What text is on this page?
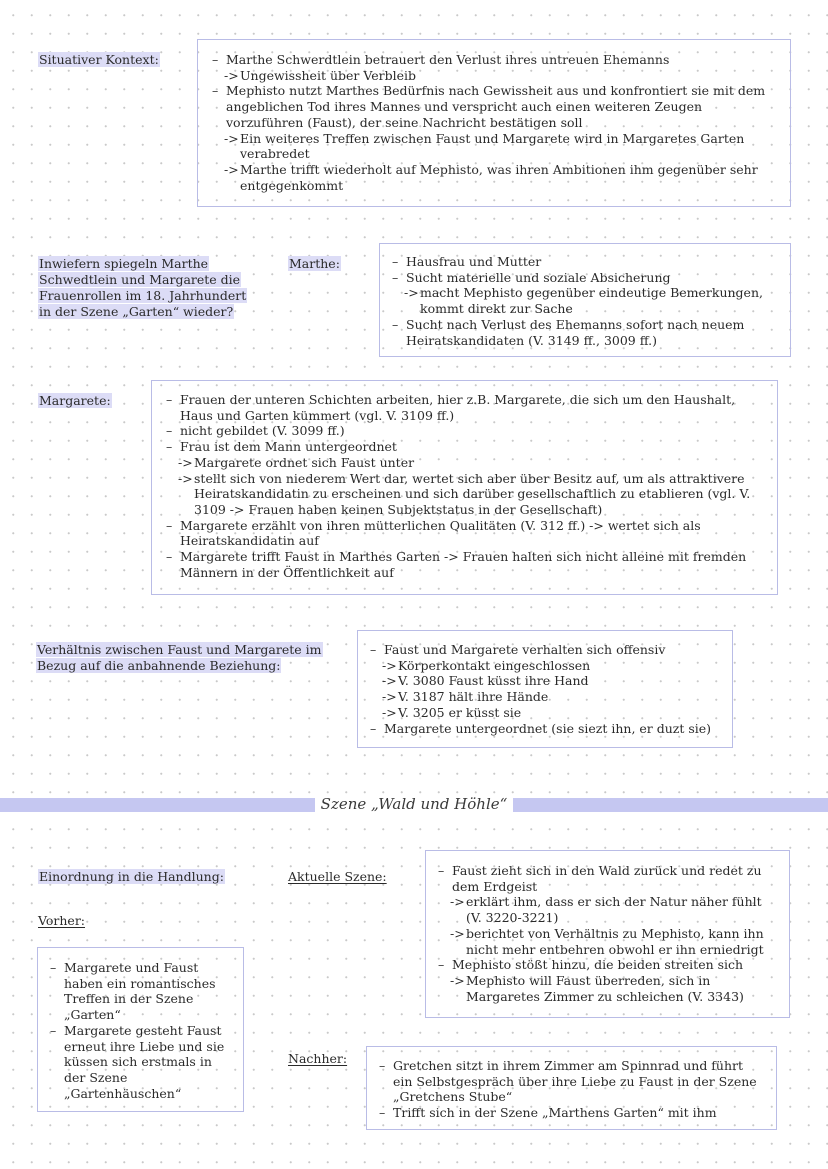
Situativer Kontext:	– Marthe Schwerdtlein betrauert den Verlust ihres untreuen Ehemanns
-> Ungewissheit über Verbleib
– Mephisto nutzt Marthes Bedürfnis nach Gewissheit aus und konfrontiert sie mit dem angeblichen Tod ihres Mannes und verspricht auch einen weiteren Zeugen vorzuführen (Faust), der seine Nachricht bestätigen soll
-> Ein weiteres Treffen zwischen Faust und Margarete wird in Margaretes Garten verabredet
-> Marthe trifft wiederholt auf Mephisto, was ihren Ambitionen ihm gegenüber sehr entgegenkommt
Inwiefern spiegeln Marthe Schwedtlein und Margarete die Frauenrollen im 18. Jahrhundert in der Szene „Garten“ wieder?
Marthe:	– Hausfrau und Mutter
– Sucht materielle und soziale Absicherung
-> macht Mephisto gegenüber eindeutige Bemerkungen, kommt direkt zur Sache
– Sucht nach Verlust des Ehemanns sofort nach neuem Heiratskandidaten (V. 3149 ff., 3009 ff.)
Margarete:	– Frauen der unteren Schichten arbeiten, hier z.B. Margarete, die sich um den Haushalt, Haus und Garten kümmert (vgl. V. 3109 ff.)
– nicht gebildet (V. 3099 ff.)
– Frau ist dem Mann untergeordnet
-> Margarete ordnet sich Faust unter
-> stellt sich von niederem Wert dar, wertet sich aber über Besitz auf, um als attraktivere Heiratskandidatin zu erscheinen und sich darüber gesellschaftlich zu etablieren (vgl. V. 3109 -> Frauen haben keinen Subjektstatus in der Gesellschaft)
– Margarete erzählt von ihren mütterlichen Qualitäten (V. 312 ff.) -> wertet sich als Heiratskandidatin auf
– Margarete trifft Faust in Marthes Garten -> Frauen halten sich nicht alleine mit fremden Männern in der Öffentlichkeit auf
Verhältnis zwischen Faust und Margarete im Bezug auf die anbahnende Beziehung:
– Faust und Margarete verhalten sich offensiv
-> Körperkontakt eingeschlossen
-> V. 3080 Faust küsst ihre Hand
-> V. 3187 hält ihre Hände
-> V. 3205 er küsst sie
– Margarete untergeordnet (sie siezt ihn, er duzt sie)
Szene „Wald und Höhle“
Einordnung in die Handlung:
Vorher:
– Margarete und Faust haben ein romantisches Treffen in der Szene „Garten“
– Margarete gesteht Faust erneut ihre Liebe und sie küssen sich erstmals in der Szene „Gartenhäuschen“
Aktuelle Szene:	– Faust zieht sich in den Wald zurück und redet zu dem Erdgeist
-> erklärt ihm, dass er sich der Natur näher fühlt (V. 3220-3221)
-> berichtet von Verhältnis zu Mephisto, kann ihn nicht mehr entbehren obwohl er ihn erniedrigt
– Mephisto stößt hinzu, die beiden streiten sich
-> Mephisto will Faust überreden, sich in Margaretes Zimmer zu schleichen (V. 3343)
Nachher:	– Gretchen sitzt in ihrem Zimmer am Spinnrad und führt ein Selbstgespräch über ihre Liebe zu Faust in der Szene „Gretchens Stube“
– Trifft sich in der Szene „Marthens Garten“ mit ihm
